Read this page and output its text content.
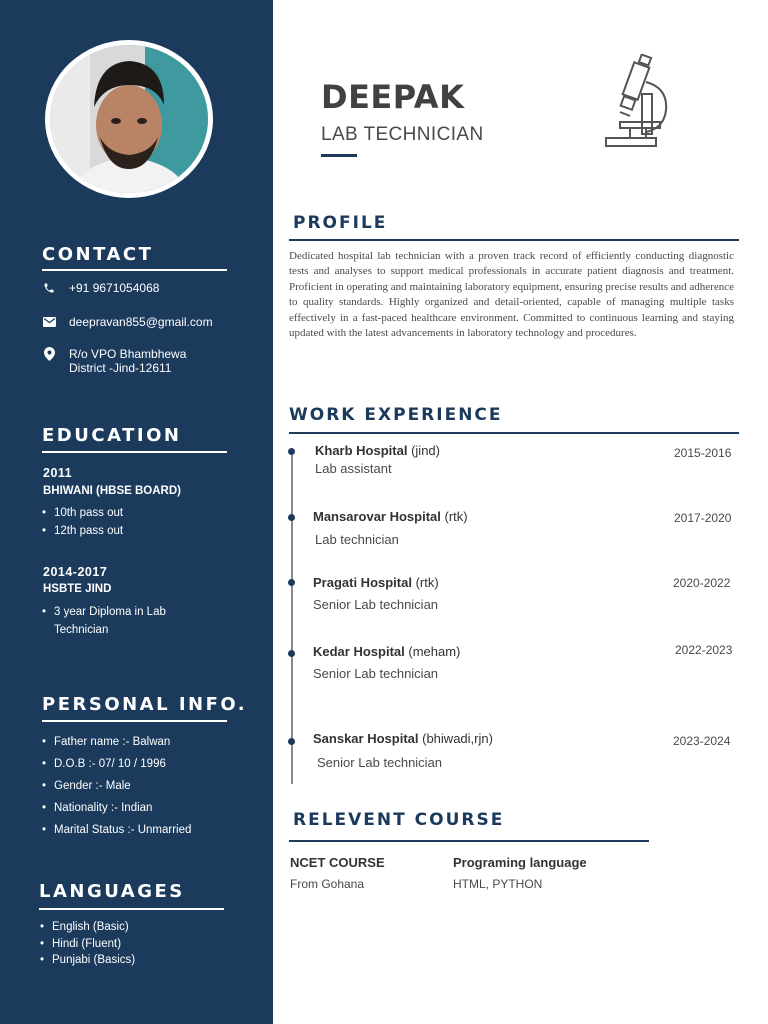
CONTACT
+91 9671054068
deepravan855@gmail.com
R/o VPO Bhambhewa
District -Jind-12611
EDUCATION
2011
BHIWANI (HBSE BOARD)
• 10th pass out
• 12th pass out
2014-2017
HSBTE JIND
• 3 year Diploma in Lab
Technician
PERSONAL INFO.
• Father name :- Balwan
• D.O.B :- 07/ 10 / 1996
• Gender :- Male
• Nationality :- Indian
• Marital Status :- Unmarried
LANGUAGES
• English (Basic)
• Hindi (Fluent)
• Punjabi (Basics)
DEEPAK
LAB TECHNICIAN
PROFILE
Dedicated hospital lab technician with a proven track record of efficiently conducting diagnostic tests and analyses to support medical professionals in accurate patient diagnosis and treatment. Proficient in operating and maintaining laboratory equipment, ensuring precise results and adherence to quality standards. Highly organized and detail-oriented, capable of managing multiple tasks effectively in a fast-paced healthcare environment. Committed to continuous learning and staying updated with the latest advancements in laboratory technology and procedures.
WORK EXPERIENCE
Kharb Hospital (jind)
Lab assistant
2015-2016
Mansarovar Hospital (rtk)
Lab technician
2017-2020
Pragati Hospital (rtk)
Senior Lab technician
2020-2022
Kedar Hospital (meham)
Senior Lab technician
2022-2023
Sanskar Hospital (bhiwadi,rjn)
Senior Lab technician
2023-2024
RELEVENT COURSE
NCET COURSE
From Gohana
Programing language
HTML, PYTHON
